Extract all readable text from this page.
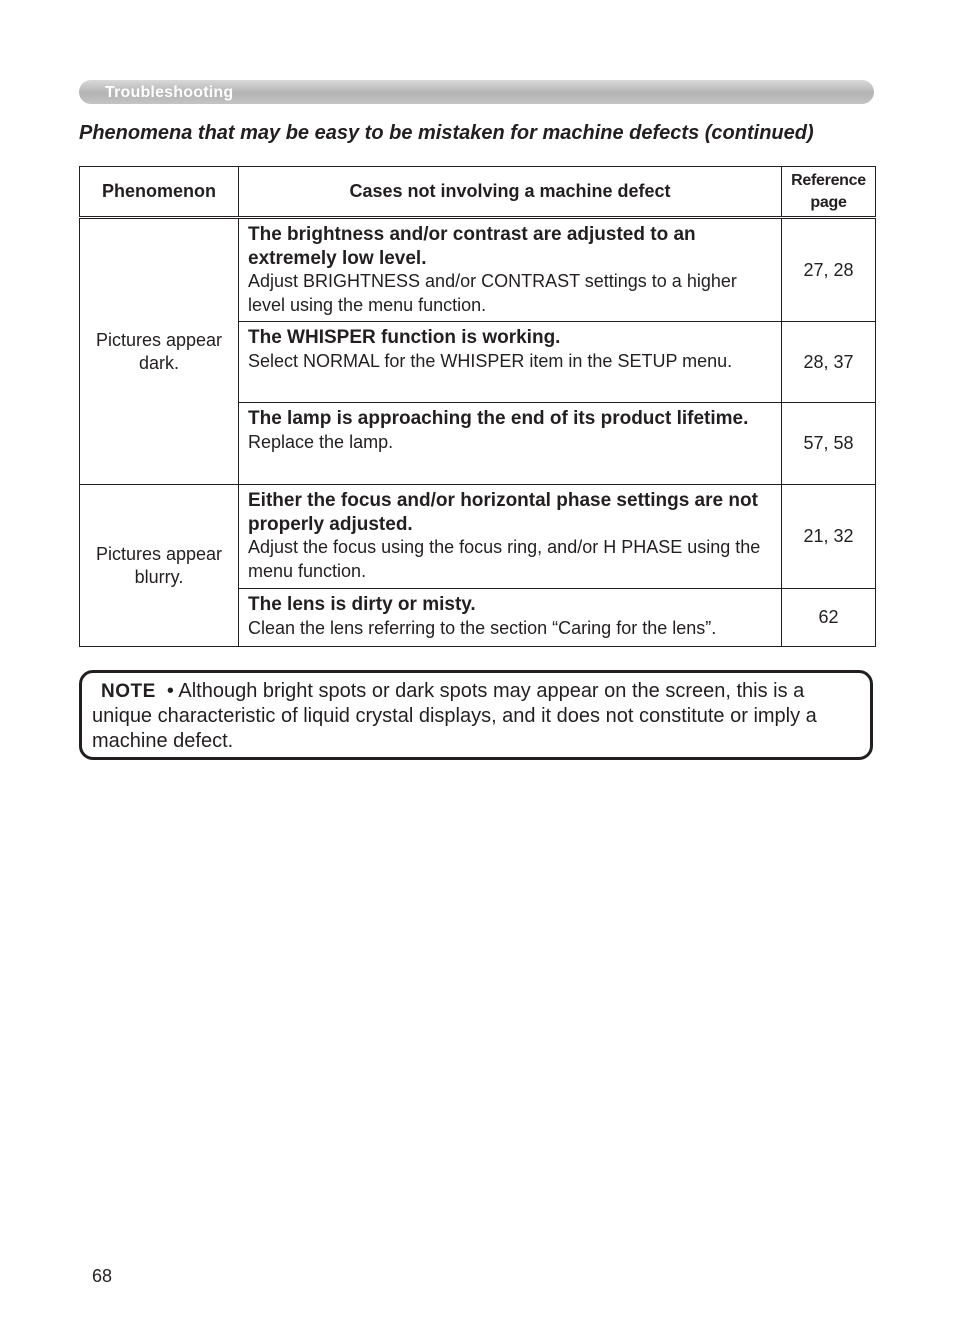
Troubleshooting
Phenomena that may be easy to be mistaken for machine defects (continued)
Phenomenon	Cases not involving a machine defect	Reference
page

Pictures appear dark.	The brightness and/or contrast are adjusted to an extremely low level.
Adjust BRIGHTNESS and/or CONTRAST settings to a higher level using the menu function.	27, 28

	The WHISPER function is working.
Select NORMAL for the WHISPER item in the SETUP menu.	28, 37

	The lamp is approaching the end of its product lifetime.
Replace the lamp.	57, 58

Pictures appear blurry.	Either the focus and/or horizontal phase settings are not properly adjusted.
Adjust the focus using the focus ring, and/or H PHASE using the menu function.	21, 32

	The lens is dirty or misty.
Clean the lens referring to the section “Caring for the lens”.	62

NOTE • Although bright spots or dark spots may appear on the screen, this is a unique characteristic of liquid crystal displays, and it does not constitute or imply a machine defect.

68
